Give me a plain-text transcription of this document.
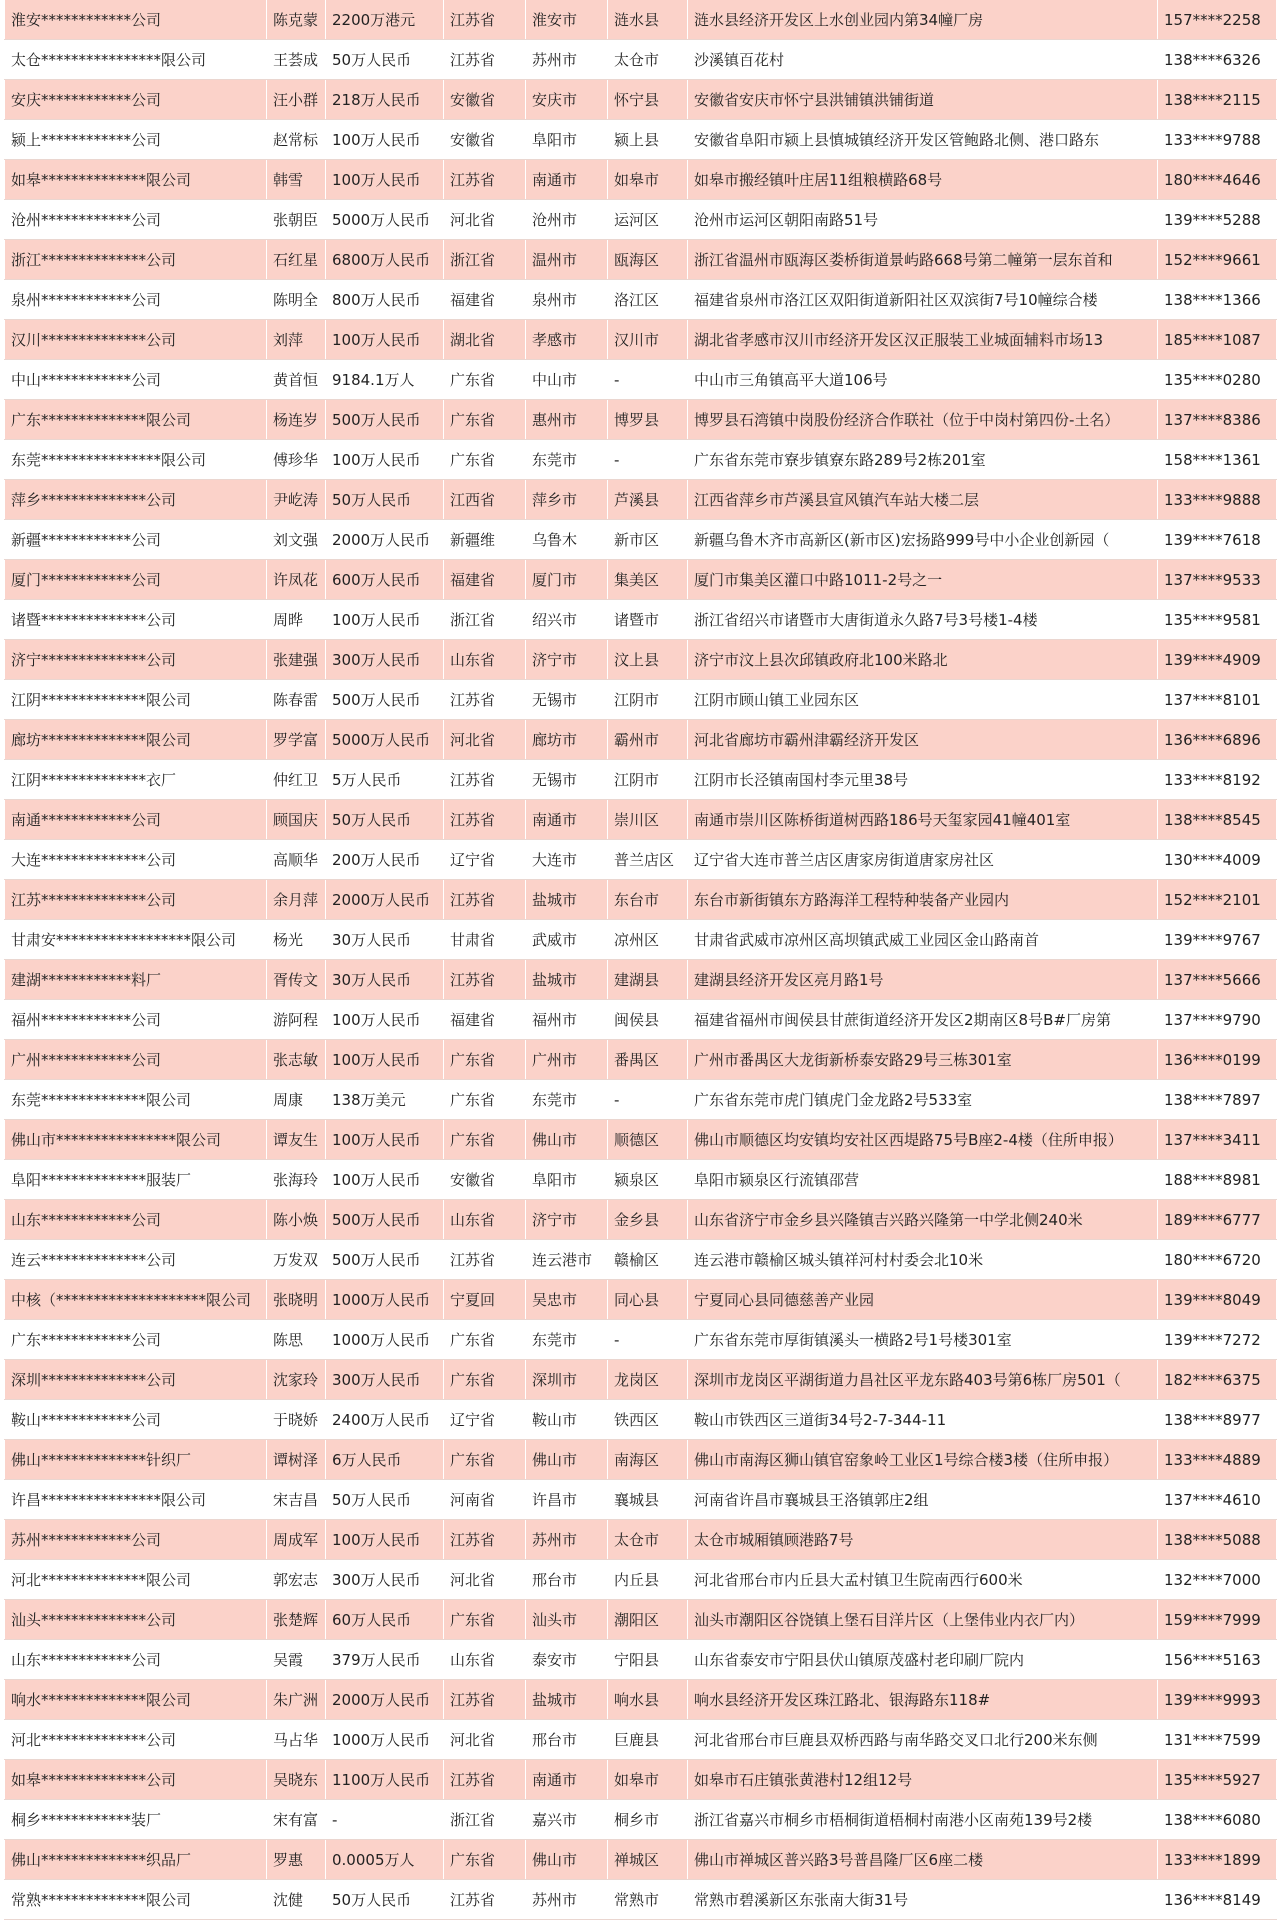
淮安************公司	陈克蒙	2200万港元	江苏省	淮安市	涟水县	涟水县经济开发区上水创业园内第34幢厂房	157****2258
太仓****************限公司	王荟成	50万人民币	江苏省	苏州市	太仓市	沙溪镇百花村	138****6326
安庆************公司	汪小群	218万人民币	安徽省	安庆市	怀宁县	安徽省安庆市怀宁县洪铺镇洪铺街道	138****2115
颍上************公司	赵常标	100万人民币	安徽省	阜阳市	颍上县	安徽省阜阳市颍上县慎城镇经济开发区管鲍路北侧、港口路东	133****9788
如皋**************限公司	韩雪	100万人民币	江苏省	南通市	如皋市	如皋市搬经镇叶庄居11组粮横路68号	180****4646
沧州************公司	张朝臣	5000万人民币	河北省	沧州市	运河区	沧州市运河区朝阳南路51号	139****5288
浙江**************公司	石红星	6800万人民币	浙江省	温州市	瓯海区	浙江省温州市瓯海区娄桥街道景屿路668号第二幢第一层东首和	152****9661
泉州************公司	陈明全	800万人民币	福建省	泉州市	洛江区	福建省泉州市洛江区双阳街道新阳社区双滨街7号10幢综合楼	138****1366
汉川**************公司	刘萍	100万人民币	湖北省	孝感市	汉川市	湖北省孝感市汉川市经济开发区汉正服装工业城面辅料市场13	185****1087
中山************公司	黄首恒	9184.1万人	广东省	中山市	-	中山市三角镇高平大道106号	135****0280
广东**************限公司	杨连岁	500万人民币	广东省	惠州市	博罗县	博罗县石湾镇中岗股份经济合作联社（位于中岗村第四份-土名）	137****8386
东莞****************限公司	傅珍华	100万人民币	广东省	东莞市	-	广东省东莞市寮步镇寮东路289号2栋201室	158****1361
萍乡**************公司	尹屹涛	50万人民币	江西省	萍乡市	芦溪县	江西省萍乡市芦溪县宣风镇汽车站大楼二层	133****9888
新疆************公司	刘文强	2000万人民币	新疆维	乌鲁木	新市区	新疆乌鲁木齐市高新区(新市区)宏扬路999号中小企业创新园（	139****7618
厦门************公司	许凤花	600万人民币	福建省	厦门市	集美区	厦门市集美区灌口中路1011-2号之一	137****9533
诸暨**************公司	周晔	100万人民币	浙江省	绍兴市	诸暨市	浙江省绍兴市诸暨市大唐街道永久路7号3号楼1-4楼	135****9581
济宁**************公司	张建强	300万人民币	山东省	济宁市	汶上县	济宁市汶上县次邱镇政府北100米路北	139****4909
江阴**************限公司	陈春雷	500万人民币	江苏省	无锡市	江阴市	江阴市顾山镇工业园东区	137****8101
廊坊**************限公司	罗学富	5000万人民币	河北省	廊坊市	霸州市	河北省廊坊市霸州津霸经济开发区	136****6896
江阴**************衣厂	仲红卫	5万人民币	江苏省	无锡市	江阴市	江阴市长泾镇南国村李元里38号	133****8192
南通************公司	顾国庆	50万人民币	江苏省	南通市	崇川区	南通市崇川区陈桥街道树西路186号天玺家园41幢401室	138****8545
大连**************公司	高顺华	200万人民币	辽宁省	大连市	普兰店区	辽宁省大连市普兰店区唐家房街道唐家房社区	130****4009
江苏**************公司	余月萍	2000万人民币	江苏省	盐城市	东台市	东台市新街镇东方路海洋工程特种装备产业园内	152****2101
甘肃安******************限公司	杨光	30万人民币	甘肃省	武威市	凉州区	甘肃省武威市凉州区高坝镇武威工业园区金山路南首	139****9767
建湖************料厂	胥传文	30万人民币	江苏省	盐城市	建湖县	建湖县经济开发区亮月路1号	137****5666
福州************公司	游阿程	100万人民币	福建省	福州市	闽侯县	福建省福州市闽侯县甘蔗街道经济开发区2期南区8号B#厂房第	137****9790
广州************公司	张志敏	100万人民币	广东省	广州市	番禺区	广州市番禺区大龙街新桥泰安路29号三栋301室	136****0199
东莞**************限公司	周康	138万美元	广东省	东莞市	-	广东省东莞市虎门镇虎门金龙路2号533室	138****7897
佛山市****************限公司	谭友生	100万人民币	广东省	佛山市	顺德区	佛山市顺德区均安镇均安社区西堤路75号B座2-4楼（住所申报）	137****3411
阜阳**************服装厂	张海玲	100万人民币	安徽省	阜阳市	颍泉区	阜阳市颍泉区行流镇邵营	188****8981
山东************公司	陈小焕	500万人民币	山东省	济宁市	金乡县	山东省济宁市金乡县兴隆镇吉兴路兴隆第一中学北侧240米	189****6777
连云**************公司	万发双	500万人民币	江苏省	连云港市	赣榆区	连云港市赣榆区城头镇祥河村村委会北10米	180****6720
中核（********************限公司	张晓明	1000万人民币	宁夏回	吴忠市	同心县	宁夏同心县同德慈善产业园	139****8049
广东************公司	陈思	1000万人民币	广东省	东莞市	-	广东省东莞市厚街镇溪头一横路2号1号楼301室	139****7272
深圳**************公司	沈家玲	300万人民币	广东省	深圳市	龙岗区	深圳市龙岗区平湖街道力昌社区平龙东路403号第6栋厂房501（	182****6375
鞍山************公司	于晓娇	2400万人民币	辽宁省	鞍山市	铁西区	鞍山市铁西区三道街34号2-7-344-11	138****8977
佛山**************针织厂	谭树泽	6万人民币	广东省	佛山市	南海区	佛山市南海区狮山镇官窑象岭工业区1号综合楼3楼（住所申报）	133****4889
许昌****************限公司	宋吉昌	50万人民币	河南省	许昌市	襄城县	河南省许昌市襄城县王洛镇郭庄2组	137****4610
苏州************公司	周成军	100万人民币	江苏省	苏州市	太仓市	太仓市城厢镇顾港路7号	138****5088
河北**************限公司	郭宏志	300万人民币	河北省	邢台市	内丘县	河北省邢台市内丘县大孟村镇卫生院南西行600米	132****7000
汕头**************公司	张楚辉	60万人民币	广东省	汕头市	潮阳区	汕头市潮阳区谷饶镇上堡石目洋片区（上堡伟业内衣厂内）	159****7999
山东************公司	吴霞	379万人民币	山东省	泰安市	宁阳县	山东省泰安市宁阳县伏山镇原茂盛村老印刷厂院内	156****5163
响水**************限公司	朱广洲	2000万人民币	江苏省	盐城市	响水县	响水县经济开发区珠江路北、银海路东118#	139****9993
河北**************公司	马占华	1000万人民币	河北省	邢台市	巨鹿县	河北省邢台市巨鹿县双桥西路与南华路交叉口北行200米东侧	131****7599
如皋**************公司	吴晓东	1100万人民币	江苏省	南通市	如皋市	如皋市石庄镇张黄港村12组12号	135****5927
桐乡************装厂	宋有富	-	浙江省	嘉兴市	桐乡市	浙江省嘉兴市桐乡市梧桐街道梧桐村南港小区南苑139号2楼	138****6080
佛山**************织品厂	罗惠	0.0005万人	广东省	佛山市	禅城区	佛山市禅城区普兴路3号普昌隆厂区6座二楼	133****1899
常熟**************限公司	沈健	50万人民币	江苏省	苏州市	常熟市	常熟市碧溪新区东张南大街31号	136****8149
